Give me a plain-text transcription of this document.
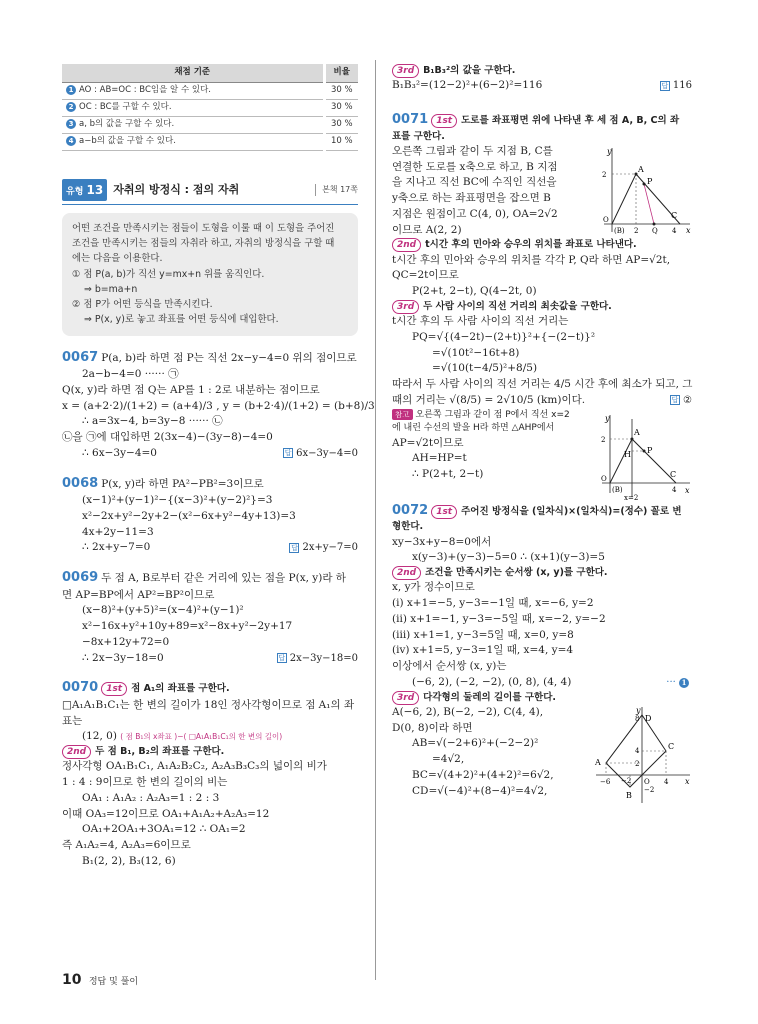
채점 기준	비율
1 AO : AB=OC : BC임을 알 수 있다.	30 %
2 OC : BC를 구할 수 있다.	30 %
3 a, b의 값을 구할 수 있다.	30 %
4 a−b의 값을 구할 수 있다.	10 %
유형 13 자취의 방정식 : 점의 자취	본책 17쪽
어떤 조건을 만족시키는 점들이 도형을 이룰 때 이 도형을 주어진
조건을 만족시키는 점들의 자취라 하고, 자취의 방정식을 구할 때
에는 다음을 이용한다.
① 점 P(a, b)가 직선 y=mx+n 위를 움직인다.
⇒ b=ma+n
② 점 P가 어떤 등식을 만족시킨다.
⇒ P(x, y)로 놓고 좌표를 어떤 등식에 대입한다.
0067 P(a, b)라 하면 점 P는 직선 2x−y−4=0 위의 점이므로
2a−b−4=0 ······ ㉠
Q(x, y)라 하면 점 Q는 AP를 1 : 2로 내분하는 점이므로
x = (a+2·2)/(1+2) = (a+4)/3 , y = (b+2·4)/(1+2) = (b+8)/3
∴ a=3x−4, b=3y−8 ······ ㉡
㉡을 ㉠에 대입하면 2(3x−4)−(3y−8)−4=0
∴ 6x−3y−4=0	답 6x−3y−4=0
0068 P(x, y)라 하면 PA²−PB²=3이므로
(x−1)²+(y−1)²−{(x−3)²+(y−2)²}=3
x²−2x+y²−2y+2−(x²−6x+y²−4y+13)=3
4x+2y−11=3
∴ 2x+y−7=0	답 2x+y−7=0
0069 두 점 A, B로부터 같은 거리에 있는 점을 P(x, y)라 하
면 AP=BP에서 AP²=BP²이므로
(x−8)²+(y+5)²=(x−4)²+(y−1)²
x²−16x+y²+10y+89=x²−8x+y²−2y+17
−8x+12y+72=0
∴ 2x−3y−18=0	답 2x−3y−18=0
0070 1st 점 A₁의 좌표를 구한다.
□A₁A₁B₁C₁는 한 변의 길이가 18인 정사각형이므로 점 A₁의 좌
표는
(12, 0) ( 점 B₁의 x좌표 )−( □A₁A₁B₁C₁의 한 변의 길이)
2nd 두 점 B₁, B₂의 좌표를 구한다.
정사각형 OA₁B₁C₁, A₁A₂B₂C₂, A₂A₃B₃C₃의 넓이의 비가
1 : 4 : 9이므로 한 변의 길이의 비는
OA₁ : A₁A₂ : A₂A₃=1 : 2 : 3
이때 OA₃=12이므로 OA₁+A₁A₂+A₂A₃=12
OA₁+2OA₁+3OA₁=12 ∴ OA₁=2
즉 A₁A₂=4, A₂A₃=6이므로
B₁(2, 2), B₃(12, 6)
3rd B₁B₃²의 값을 구한다.
B₁B₃²=(12−2)²+(6−2)²=116	답 116
0071 1st 도로를 좌표평면 위에 나타낸 후 세 점 A, B, C의 좌
표를 구한다.
y
x
A
P
C
2
O
(B) 2 Q 4
오른쪽 그림과 같이 두 지점 B, C를
연결한 도로를 x축으로 하고, B 지점
을 지나고 직선 BC에 수직인 직선을
y축으로 하는 좌표평면을 잡으면 B
지점은 원점이고 C(4, 0), OA=2√2
이므로 A(2, 2)
2nd t시간 후의 민아와 승우의 위치를 좌표로 나타낸다.
t시간 후의 민아와 승우의 위치를 각각 P, Q라 하면 AP=√2t,
QC=2t이므로
P(2+t, 2−t), Q(4−2t, 0)
3rd 두 사람 사이의 직선 거리의 최솟값을 구한다.
t시간 후의 두 사람 사이의 직선 거리는
PQ=√{(4−2t)−(2+t)}²+{−(2−t)}²
=√(10t²−16t+8)
=√(10(t−4/5)²+8/5)
따라서 두 사람 사이의 직선 거리는 4/5 시간 후에 최소가 되고, 그
때의 거리는 √(8/5) = 2√10/5 (km)이다.	답 ②
y
x
A
H P
C
2
O
(B)	4
x=2
참고 오른쪽 그림과 같이 점 P에서 직선 x=2
에 내린 수선의 발을 H라 하면 △AHP에서
AP=√2t이므로
AH=HP=t
∴ P(2+t, 2−t)
0072 1st 주어진 방정식을 (일차식)×(일차식)=(정수) 꼴로 변
형한다.
xy−3x+y−8=0에서
x(y−3)+(y−3)−5=0 ∴ (x+1)(y−3)=5
2nd 조건을 만족시키는 순서쌍 (x, y)를 구한다.
x, y가 정수이므로
(i) x+1=−5, y−3=−1일 때, x=−6, y=2
(ii) x+1=−1, y−3=−5일 때, x=−2, y=−2
(iii) x+1=1, y−3=5일 때, x=0, y=8
(iv) x+1=5, y−3=1일 때, x=4, y=4
이상에서 순서쌍 (x, y)는
(−6, 2), (−2, −2), (0, 8), (4, 4)	··· 1
3rd 다각형의 둘레의 길이를 구한다.
y
x
D
8
A
C
B
4
2
−6 −2 O 4
−2
A(−6, 2), B(−2, −2), C(4, 4),
D(0, 8)이라 하면
AB=√(−2+6)²+(−2−2)²
=4√2,
BC=√(4+2)²+(4+2)²=6√2,
CD=√(−4)²+(8−4)²=4√2,
10 정답 및 풀이
